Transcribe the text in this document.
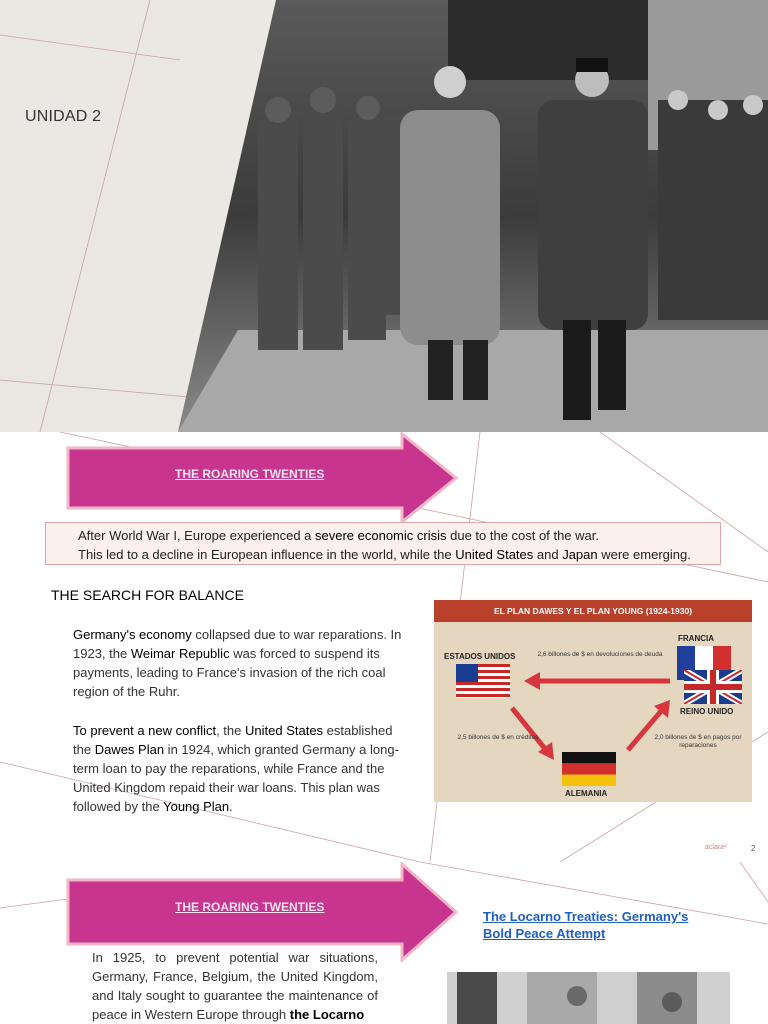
UNIDAD 2
THE ROARING TWENTIES
After World War I, Europe experienced a severe economic crisis due to the cost of the war.
This led to a decline in European influence in the world, while the United States and Japan were emerging.
THE SEARCH FOR BALANCE
Germany's economy collapsed due to war reparations. In 1923, the Weimar Republic was forced to suspend its payments, leading to France's invasion of the rich coal region of the Ruhr.
To prevent a new conflict, the United States established the Dawes Plan in 1924, which granted Germany a long-term loan to pay the reparations, while France and the United Kingdom repaid their war loans. This plan was followed by the Young Plan.
EL PLAN DAWES Y EL PLAN YOUNG (1924-1930)
ESTADOS UNIDOS
FRANCIA
REINO UNIDO
2,6 billones de $ en devoluciones de deuda
2,5 billones de $ en créditos	2,0 billones de $ en pagos por reparaciones
ALEMANIA
aclara²	2
THE ROARING TWENTIES
The Locarno Treaties: Germany's Bold Peace Attempt
In 1925, to prevent potential war situations, Germany, France, Belgium, the United Kingdom, and Italy sought to guarantee the maintenance of peace in Western Europe through the Locarno
